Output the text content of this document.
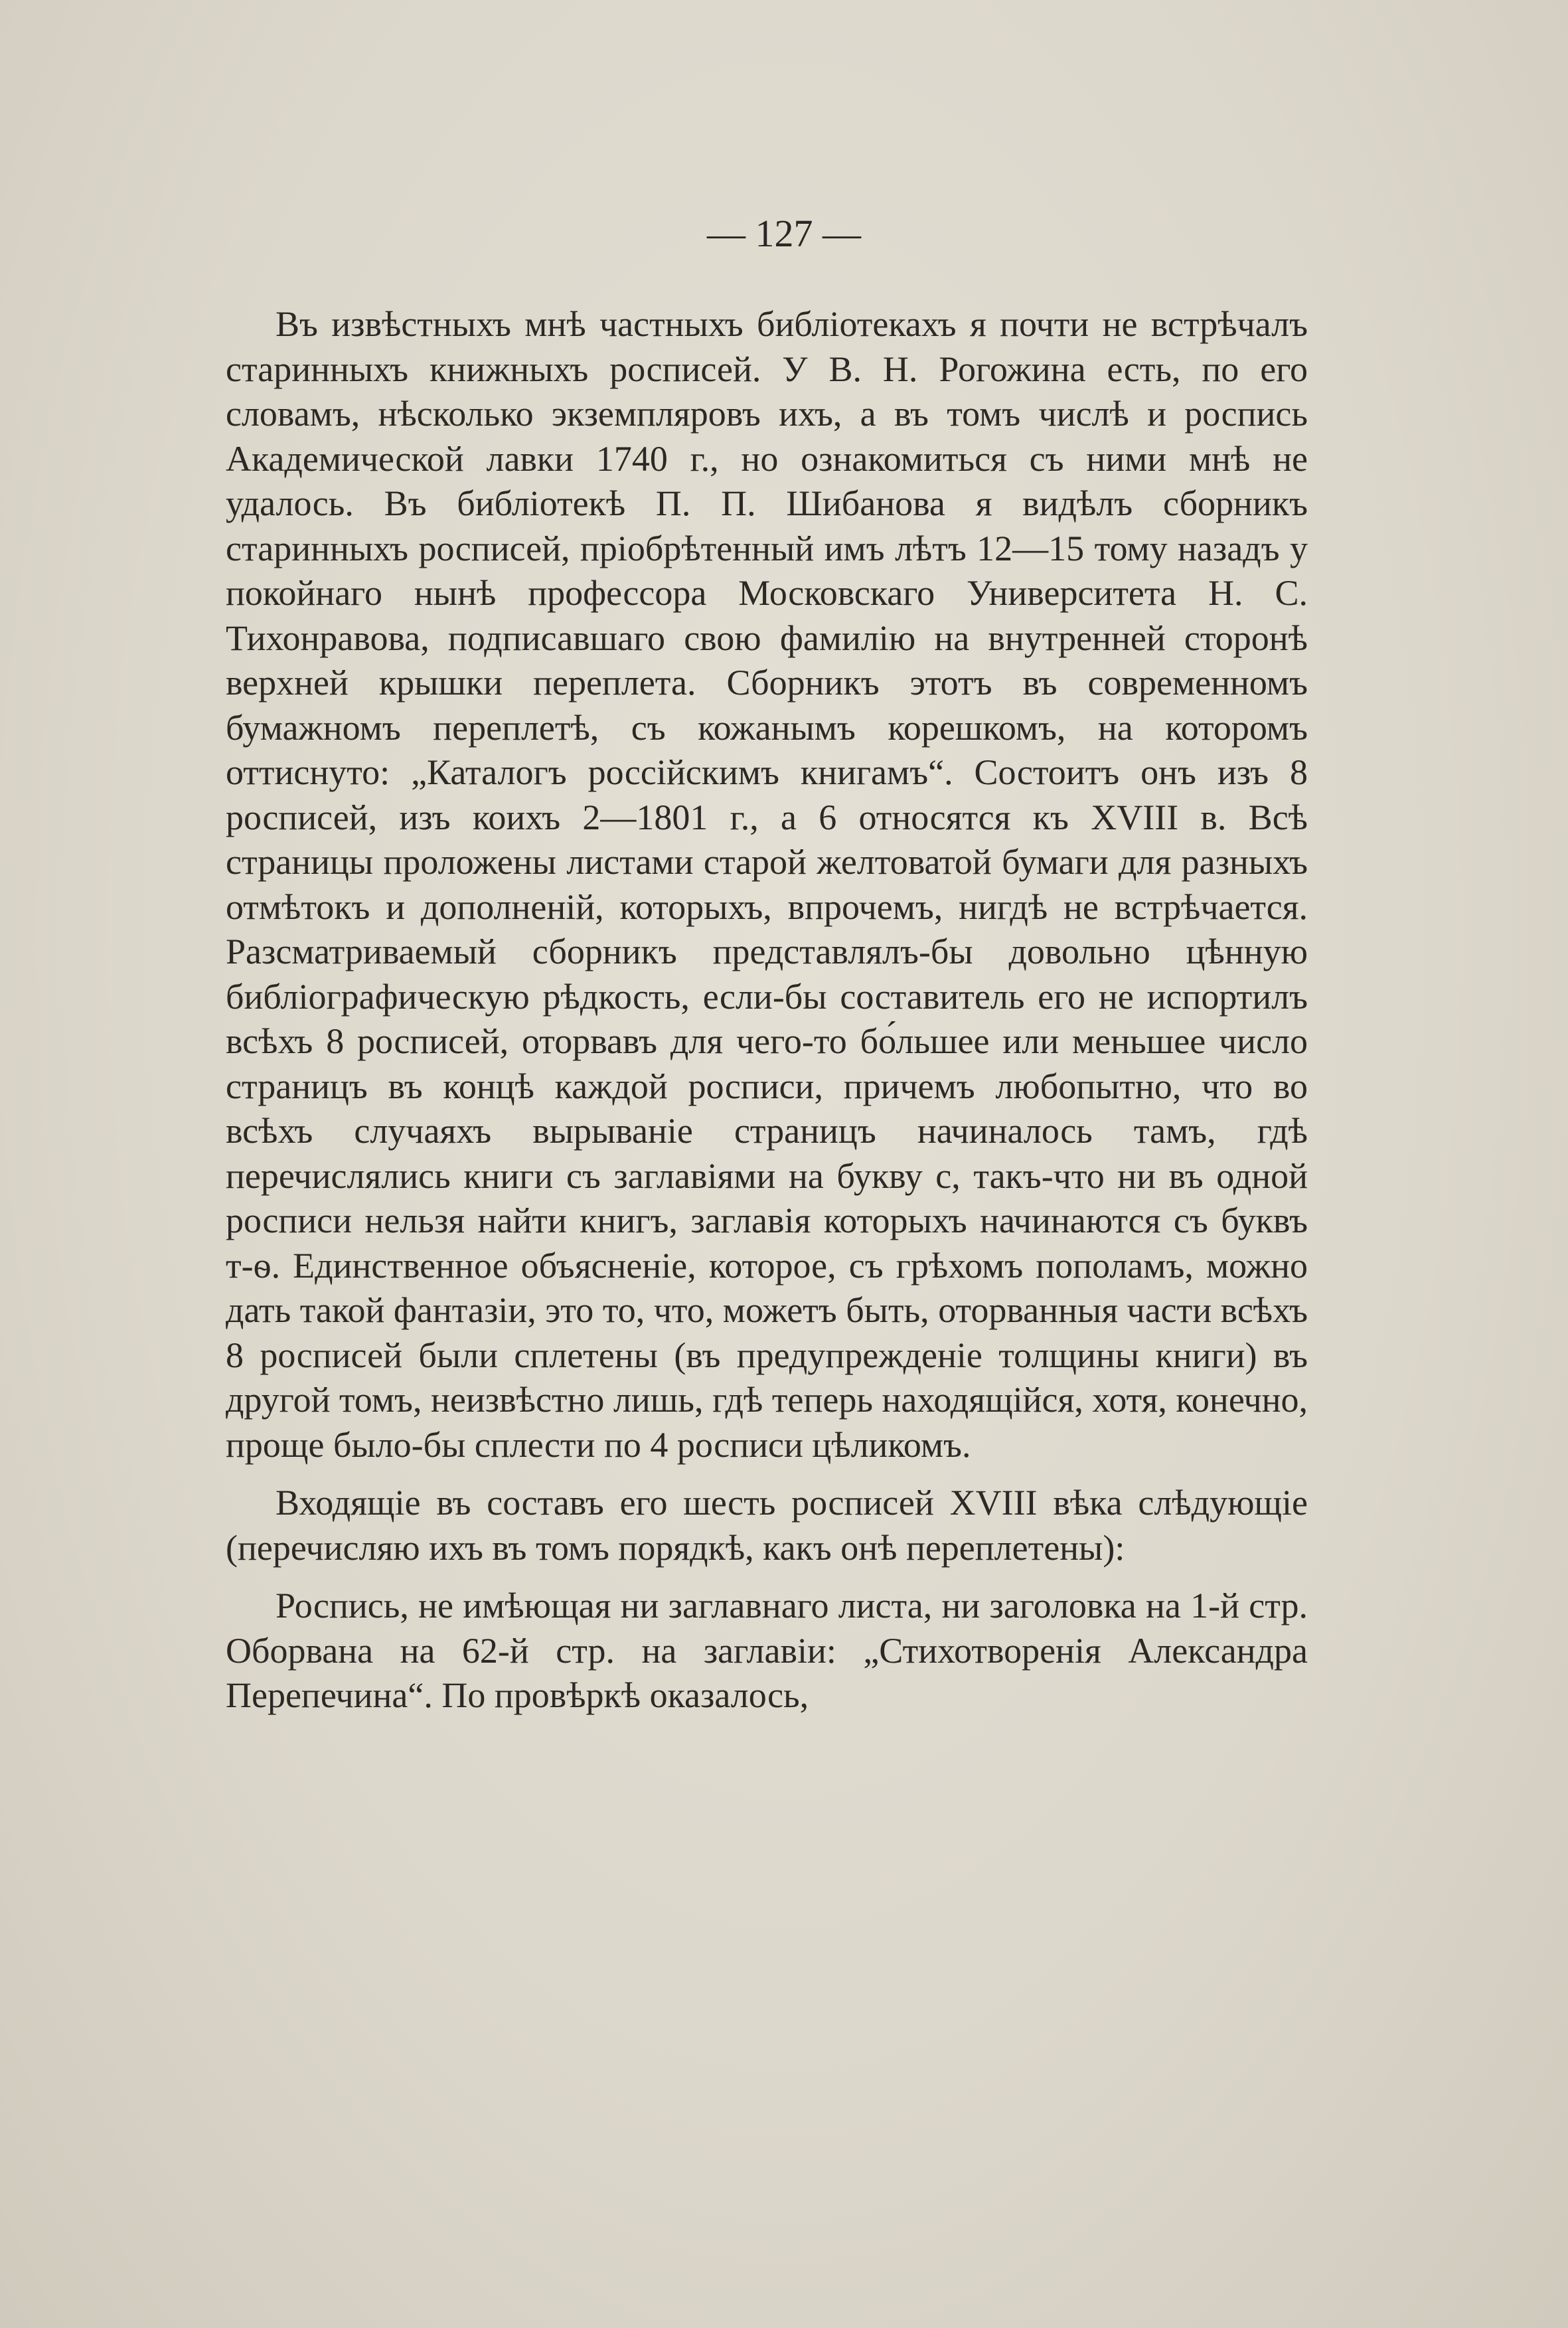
— 127 —

Въ извѣстныхъ мнѣ частныхъ библіотекахъ я почти не встрѣчалъ старинныхъ книжныхъ росписей. У В. Н. Рогожина есть, по его словамъ, нѣсколько экземпляровъ ихъ, а въ томъ числѣ и роспись Академической лавки 1740 г., но ознакомиться съ ними мнѣ не удалось. Въ библіотекѣ П. П. Шибанова я видѣлъ сборникъ старинныхъ росписей, пріобрѣтенный имъ лѣтъ 12—15 тому назадъ у покойнаго нынѣ профессора Московскаго Университета Н. С. Тихонравова, подписавшаго свою фамилію на внутренней сторонѣ верхней крышки переплета. Сборникъ этотъ въ современномъ бумажномъ переплетѣ, съ кожанымъ корешкомъ, на которомъ оттиснуто: „Каталогъ россійскимъ книгамъ“. Состоитъ онъ изъ 8 росписей, изъ коихъ 2—1801 г., а 6 относятся къ XVIII в. Всѣ страницы проложены листами старой желтоватой бумаги для разныхъ отмѣтокъ и дополненій, которыхъ, впрочемъ, нигдѣ не встрѣчается. Разсматриваемый сборникъ представлялъ-бы довольно цѣнную библіографическую рѣдкость, если-бы составитель его не испортилъ всѣхъ 8 росписей, оторвавъ для чего-то бо́льшее или меньшее число страницъ въ концѣ каждой росписи, причемъ любопытно, что во всѣхъ случаяхъ вырываніе страницъ начиналось тамъ, гдѣ перечислялись книги съ заглавіями на букву с, такъ-что ни въ одной росписи нельзя найти книгъ, заглавія которыхъ начинаются съ буквъ т-ѳ. Единственное объясненіе, которое, съ грѣхомъ пополамъ, можно дать такой фантазіи, это то, что, можетъ быть, оторванныя части всѣхъ 8 росписей были сплетены (въ предупрежденіе толщины книги) въ другой томъ, неизвѣстно лишь, гдѣ теперь находящійся, хотя, конечно, проще было-бы сплести по 4 росписи цѣликомъ.

Входящіе въ составъ его шесть росписей XVIII вѣка слѣдующіе (перечисляю ихъ въ томъ порядкѣ, какъ онѣ переплетены):

Роспись, не имѣющая ни заглавнаго листа, ни заголовка на 1-й стр. Оборвана на 62-й стр. на заглавіи: „Стихотворенія Александра Перепечина“. По провѣркѣ оказалось,
